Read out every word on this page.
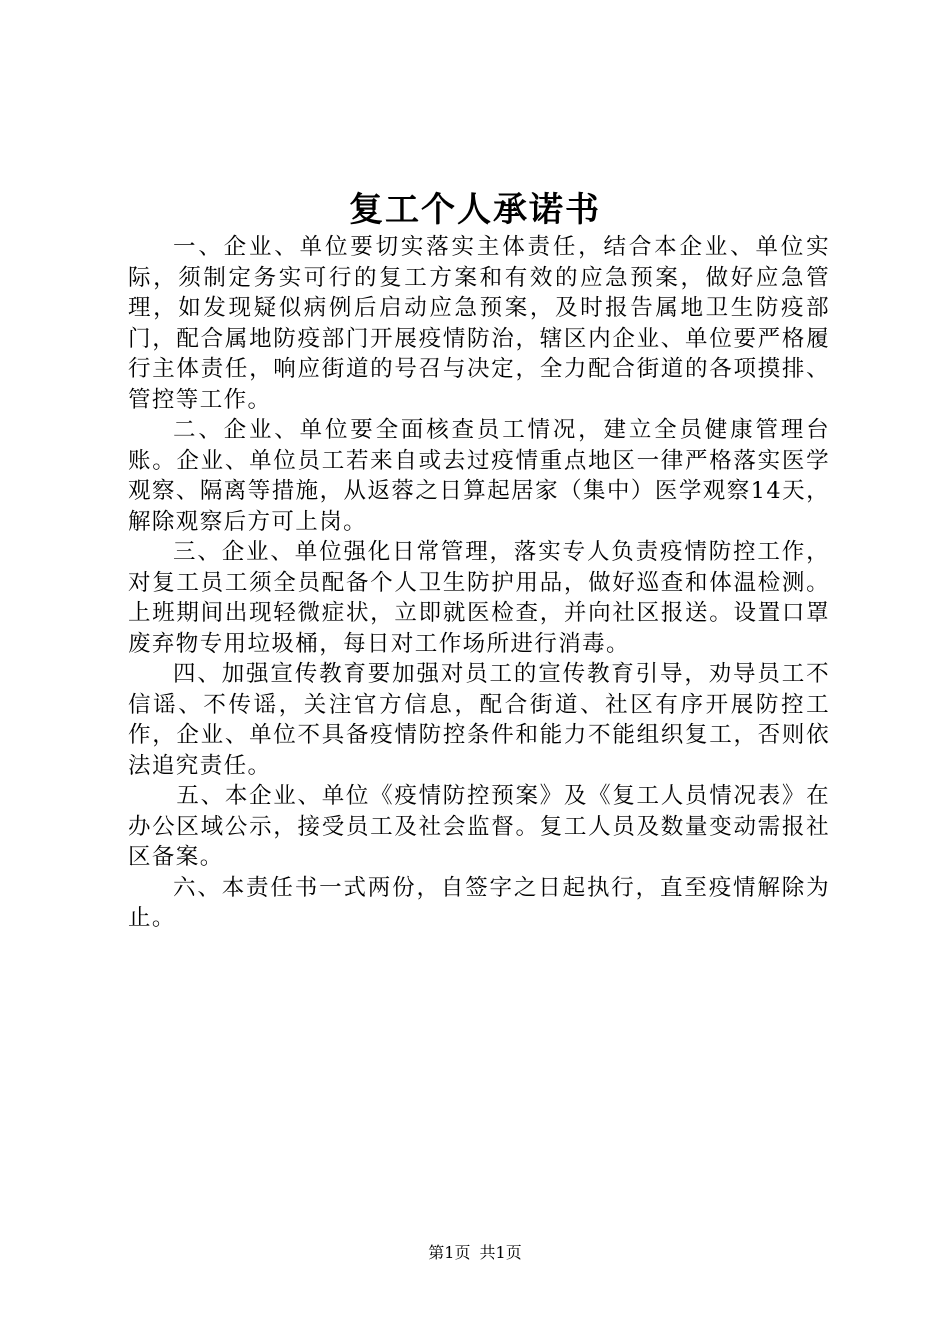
复工个人承诺书

一、企业、单位要切实落实主体责任，结合本企业、单位实际，须制定务实可行的复工方案和有效的应急预案，做好应急管理，如发现疑似病例后启动应急预案，及时报告属地卫生防疫部门，配合属地防疫部门开展疫情防治，辖区内企业、单位要严格履行主体责任，响应街道的号召与决定，全力配合街道的各项摸排、管控等工作。

二、企业、单位要全面核查员工情况，建立全员健康管理台账。企业、单位员工若来自或去过疫情重点地区一律严格落实医学观察、隔离等措施，从返蓉之日算起居家（集中）医学观察14天，解除观察后方可上岗。

三、企业、单位强化日常管理，落实专人负责疫情防控工作，对复工员工须全员配备个人卫生防护用品，做好巡查和体温检测。上班期间出现轻微症状，立即就医检查，并向社区报送。设置口罩废弃物专用垃圾桶，每日对工作场所进行消毒。

四、加强宣传教育要加强对员工的宣传教育引导，劝导员工不信谣、不传谣，关注官方信息，配合街道、社区有序开展防控工作，企业、单位不具备疫情防控条件和能力不能组织复工，否则依法追究责任。

五、本企业、单位《疫情防控预案》及《复工人员情况表》在办公区域公示，接受员工及社会监督。复工人员及数量变动需报社区备案。

六、本责任书一式两份，自签字之日起执行，直至疫情解除为止。

第1页 共1页
